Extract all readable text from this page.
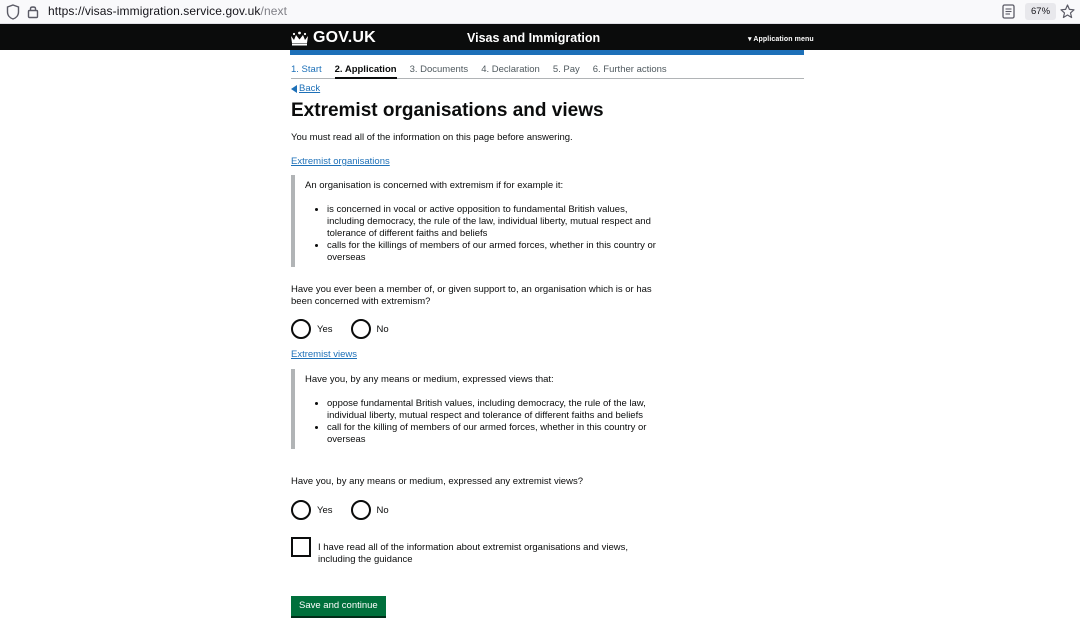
https://visas-immigration.service.gov.uk/next	67%
GOV.UK	Visas and Immigration	▾ Application menu
1. Start 2. Application 3. Documents 4. Declaration 5. Pay 6. Further actions
Back
Extremist organisations and views

You must read all of the information on this page before answering.

Extremist organisations

An organisation is concerned with extremism if for example it:

• is concerned in vocal or active opposition to fundamental British values, including democracy, the rule of the law, individual liberty, mutual respect and tolerance of different faiths and beliefs
• calls for the killings of members of our armed forces, whether in this country or overseas

Have you ever been a member of, or given support to, an organisation which is or has been concerned with extremism?

Yes	No
Extremist views

Have you, by any means or medium, expressed views that:

• oppose fundamental British values, including democracy, the rule of the law, individual liberty, mutual respect and tolerance of different faiths and beliefs
• call for the killing of members of our armed forces, whether in this country or overseas

Have you, by any means or medium, expressed any extremist views?

Yes	No
I have read all of the information about extremist organisations and views, including the guidance
Save and continue
